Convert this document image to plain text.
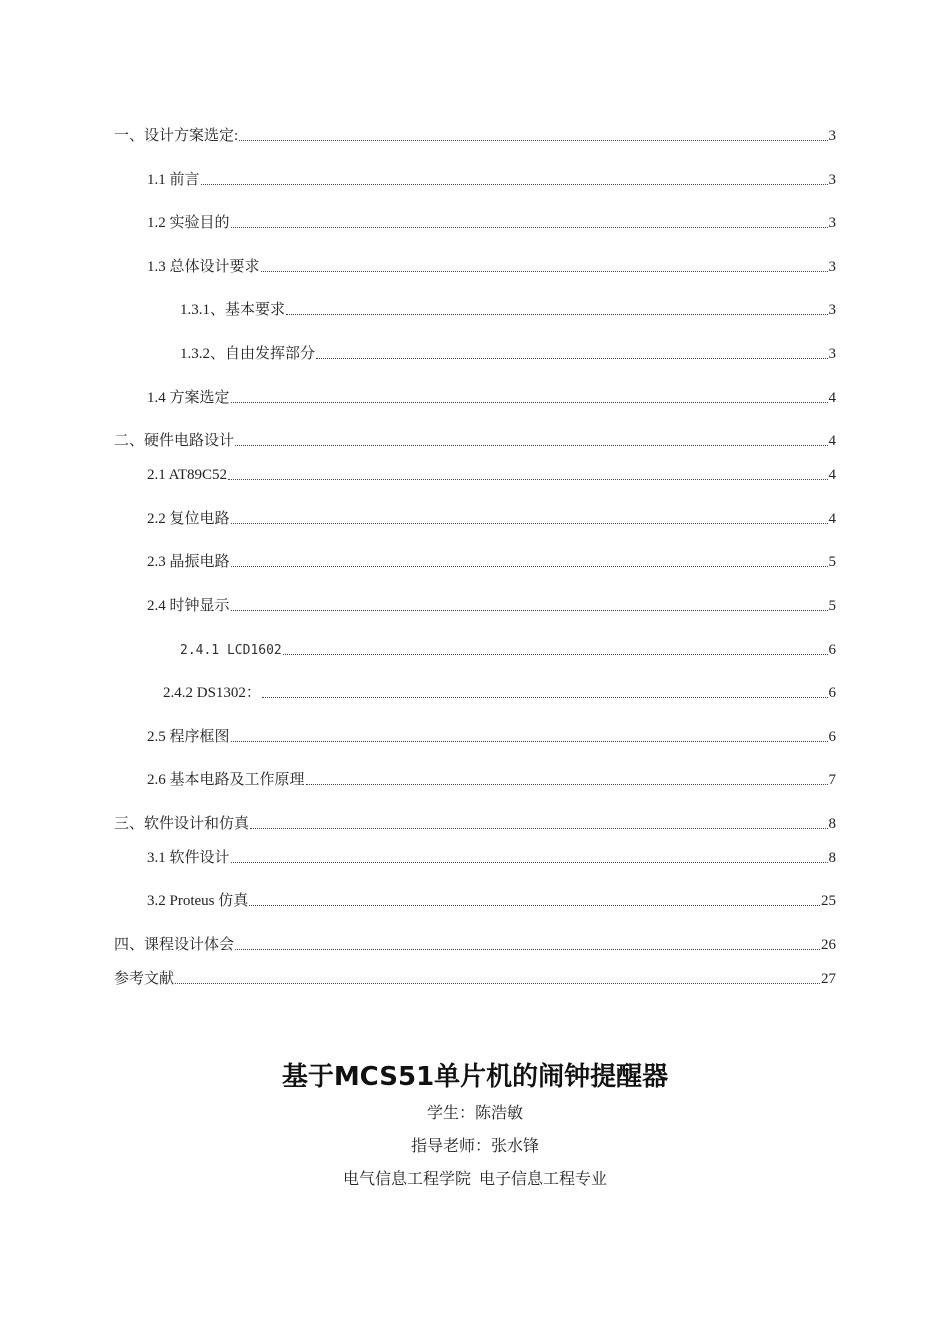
一、设计方案选定:	3
1.1 前言	3
1.2 实验目的	3
1.3 总体设计要求	3
1.3.1、基本要求	3
1.3.2、自由发挥部分	3
1.4 方案选定	4
二、硬件电路设计	4
2.1 AT89C52	4
2.2 复位电路	4
2.3 晶振电路	5
2.4 时钟显示	5
2.4.1 LCD1602	6
2.4.2 DS1302：	6
2.5 程序框图	6
2.6 基本电路及工作原理	7
三、软件设计和仿真	8
3.1 软件设计	8
3.2 Proteus 仿真	25
四、课程设计体会	26
参考文献	27
基于MCS51单片机的闹钟提醒器
学生：陈浩敏
指导老师：张水锋
电气信息工程学院  电子信息工程专业
